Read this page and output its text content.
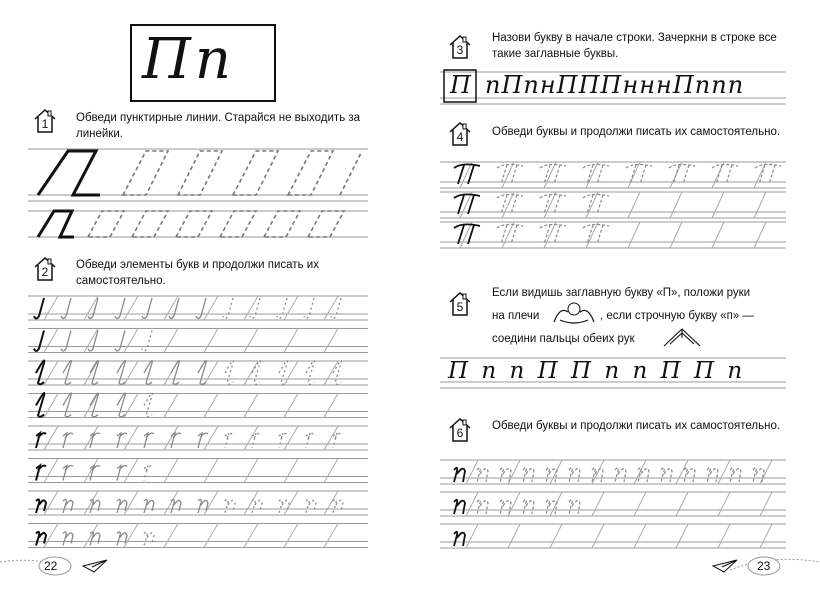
Пп
1	Обведи пунктирные линии. Старайся не выходить за линейки.
2	Обведи элементы букв и продолжи писать их самостоятельно.
22
3
Назови букву в начале строки. Зачеркни в строке все такие заглавные буквы.
П пПпнПППнннПппп
4	Обведи буквы и продолжи писать их самостоятельно.
5
Если видишь заглавную букву «П», положи руки
на плечи	, если строчную букву «п» —
соедини пальцы обеих рук
П п п П П п п П П п
6	Обведи буквы и продолжи писать их самостоятельно.
23
